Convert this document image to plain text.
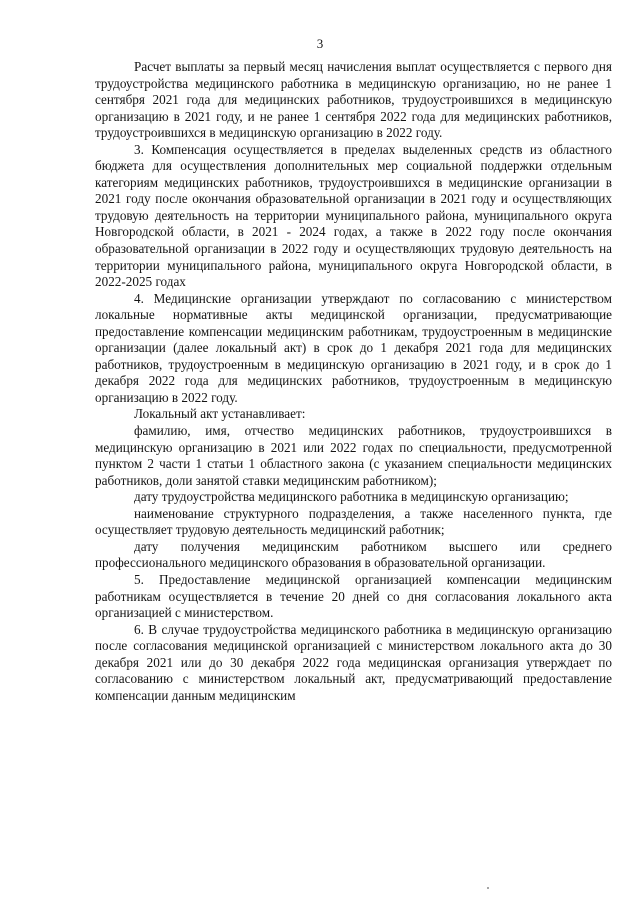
3

Расчет выплаты за первый месяц начисления выплат осуществляется с первого дня трудоустройства медицинского работника в медицинскую организацию, но не ранее 1 сентября 2021 года для медицинских работников, трудоустроившихся в медицинскую организацию в 2021 году, и не ранее 1 сентября 2022 года для медицинских работников, трудоустроившихся в медицинскую организацию в 2022 году.

3. Компенсация осуществляется в пределах выделенных средств из областного бюджета для осуществления дополнительных мер социальной поддержки отдельным категориям медицинских работников, трудоустроившихся в медицинские организации в 2021 году после окончания образовательной организации в 2021 году и осуществляющих трудовую деятельность на территории муниципального района, муниципального округа Новгородской области, в 2021 - 2024 годах, а также в 2022 году после окончания образовательной организации в 2022 году и осуществляющих трудовую деятельность на территории муниципального района, муниципального округа Новгородской области, в 2022-2025 годах

4. Медицинские организации утверждают по согласованию с министерством локальные нормативные акты медицинской организации, предусматривающие предоставление компенсации медицинским работникам, трудоустроенным в медицинские организации (далее локальный акт) в срок до 1 декабря 2021 года для медицинских работников, трудоустроенным в медицинскую организацию в 2021 году, и в срок до 1 декабря 2022 года для медицинских работников, трудоустроенным в медицинскую организацию в 2022 году.

Локальный акт устанавливает:

фамилию, имя, отчество медицинских работников, трудоустроившихся в медицинскую организацию в 2021 или 2022 годах по специальности, предусмотренной пунктом 2 части 1 статьи 1 областного закона (с указанием специальности медицинских работников, доли занятой ставки медицинским работником);

дату трудоустройства медицинского работника в медицинскую организацию;

наименование структурного подразделения, а также населенного пункта, где осуществляет трудовую деятельность медицинский работник;

дату получения медицинским работником высшего или среднего профессионального медицинского образования в образовательной организации.

5. Предоставление медицинской организацией компенсации медицинским работникам осуществляется в течение 20 дней со дня согласования локального акта организацией с министерством.

6. В случае трудоустройства медицинского работника в медицинскую организацию после согласования медицинской организацией с министерством локального акта до 30 декабря 2021 или до 30 декабря 2022 года медицинская организация утверждает по согласованию с министерством локальный акт, предусматривающий предоставление компенсации данным медицинским
